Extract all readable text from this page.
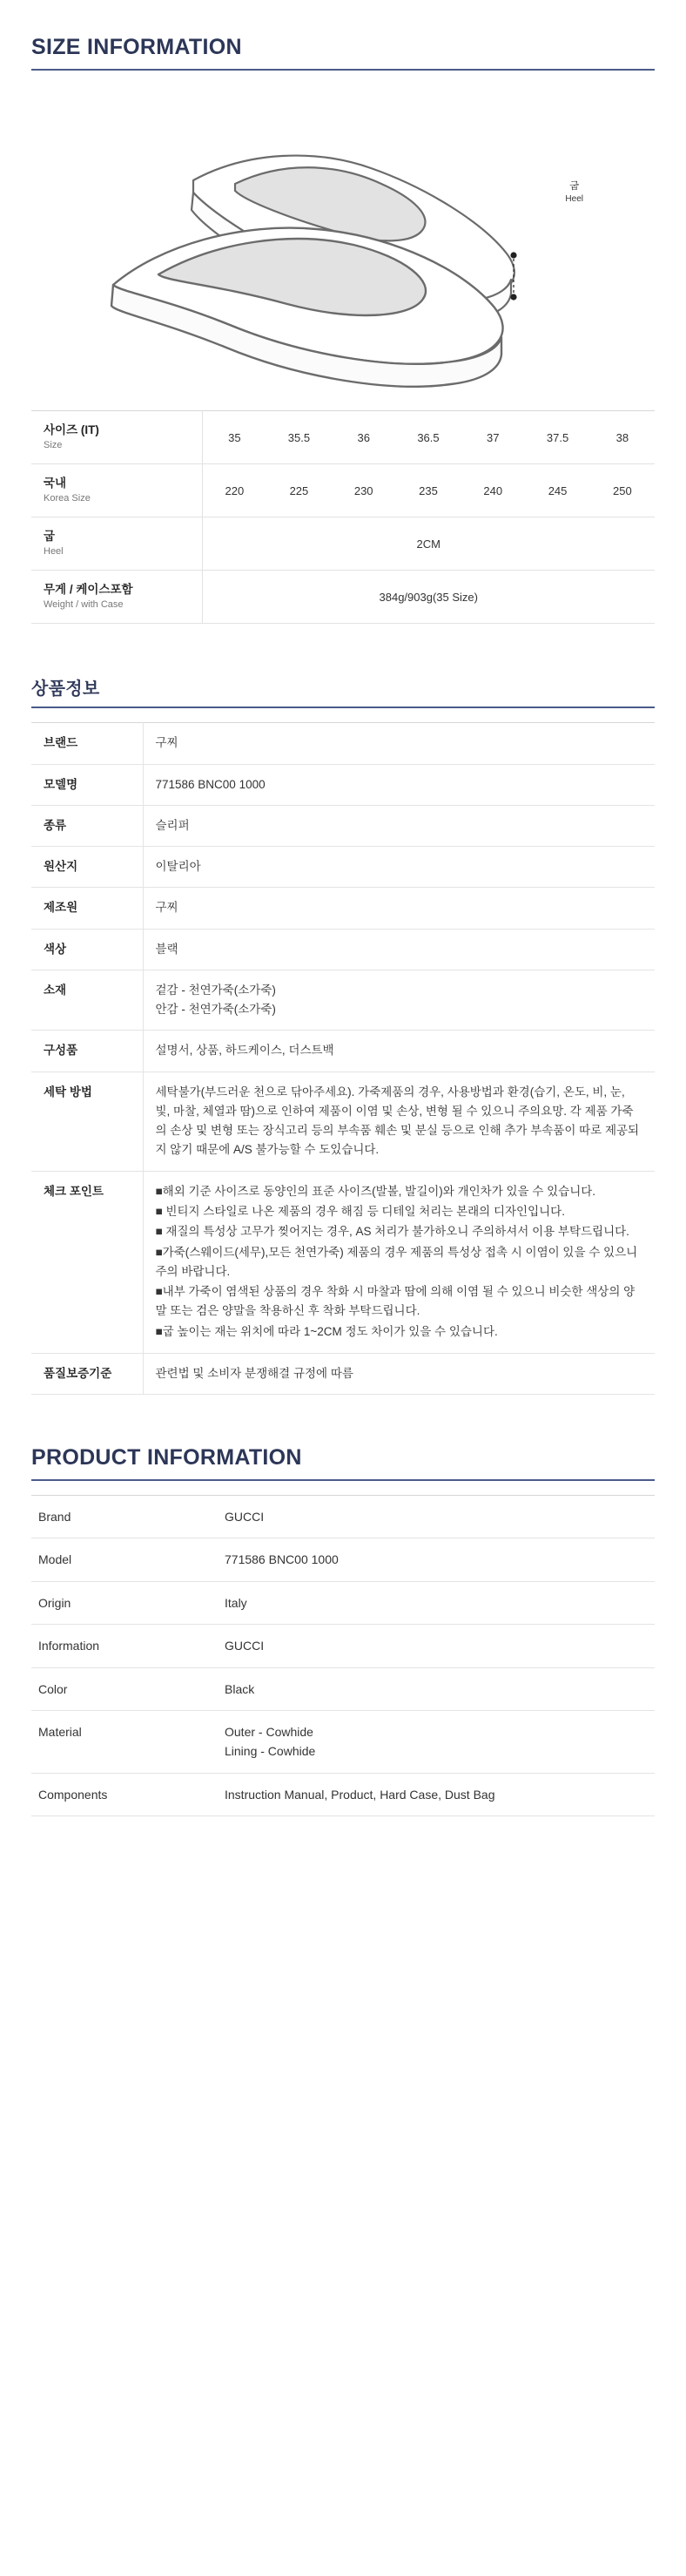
SIZE INFORMATION
굽
Heel
사이즈 (IT)
Size	35	35.5	36	36.5	37	37.5	38

국내
Korea Size	220	225	230	235	240	245	250

굽
Heel	2CM						

무게 / 케이스포함
Weight / with Case	384g/903g(35 Size)						
상품정보
브랜드	구찌

모델명	771586 BNC00 1000

종류	슬리퍼

원산지	이탈리아

제조원	구찌

색상	블랙

소재	겉감 - 천연가죽(소가죽)
안감 - 천연가죽(소가죽)

구성품	설명서, 상품, 하드케이스, 더스트백

세탁 방법	세탁불가(부드러운 천으로 닦아주세요). 가죽제품의 경우, 사용방법과 환경(습기, 온도, 비, 눈, 빛, 마찰, 체열과 땀)으로 인하여 제품이 이염 및 손상, 변형 될 수 있으니 주의요망. 각 제품 가죽의 손상 및 변형 또는 장식고리 등의 부속품 훼손 및 분실 등으로 인해 추가 부속품이 따로 제공되지 않기 때문에 A/S 불가능할 수 도있습니다.

체크 포인트	■해외 기준 사이즈로 동양인의 표준 사이즈(발볼, 발길이)와 개인차가 있을 수 있습니다.
■ 빈티지 스타일로 나온 제품의 경우 해짐 등 디테일 처리는 본래의 디자인입니다.
■ 재질의 특성상 고무가 찢어지는 경우, AS 처리가 불가하오니 주의하셔서 이용 부탁드립니다.
■가죽(스웨이드(세무),모든 천연가죽) 제품의 경우 제품의 특성상 접촉 시 이염이 있을 수 있으니 주의 바랍니다.
■내부 가죽이 염색된 상품의 경우 착화 시 마찰과 땀에 의해 이염 될 수 있으니 비슷한 색상의 양말 또는 검은 양말을 착용하신 후 착화 부탁드립니다.
■굽 높이는 재는 위치에 따라 1~2CM 정도 차이가 있을 수 있습니다.

품질보증기준	관련법 및 소비자 분쟁해결 규정에 따름
PRODUCT INFORMATION
Brand	GUCCI

Model	771586 BNC00 1000

Origin	Italy

Information	GUCCI

Color	Black

Material	Outer - Cowhide
Lining - Cowhide

Components	Instruction Manual, Product, Hard Case, Dust Bag
